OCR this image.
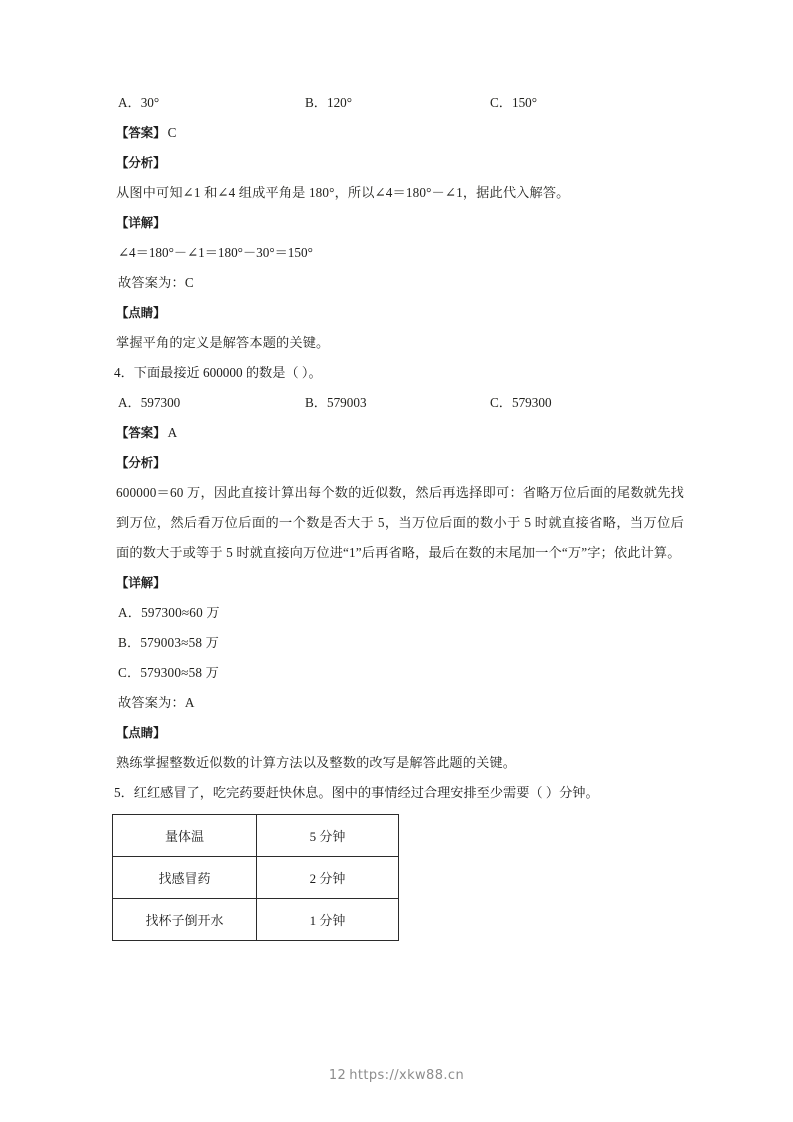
A．30°	B．120°	C．150°
【答案】 C
【分析】
从图中可知∠1 和∠4 组成平角是 180°，所以∠4＝180°－∠1，据此代入解答。
【详解】
∠4＝180°－∠1＝180°－30°＝150°
故答案为：C
【点睛】
掌握平角的定义是解答本题的关键。
4．下面最接近 600000 的数是（ ）。
A．597300	B．579003	C．579300
【答案】 A
【分析】
600000＝60 万，因此直接计算出每个数的近似数，然后再选择即可：省略万位后面的尾数就先找到万位，然后看万位后面的一个数是否大于 5，当万位后面的数小于 5 时就直接省略，当万位后面的数大于或等于 5 时就直接向万位进“1”后再省略，最后在数的末尾加一个“万”字；依此计算。
【详解】
A．597300≈60 万
B．579003≈58 万
C．579300≈58 万
故答案为：A
【点睛】
熟练掌握整数近似数的计算方法以及整数的改写是解答此题的关键。
5．红红感冒了，吃完药要赶快休息。图中的事情经过合理安排至少需要（ ）分钟。
量体温	5 分钟
找感冒药	2 分钟
找杯子倒开水	1 分钟
12 https://xkw88.cn
